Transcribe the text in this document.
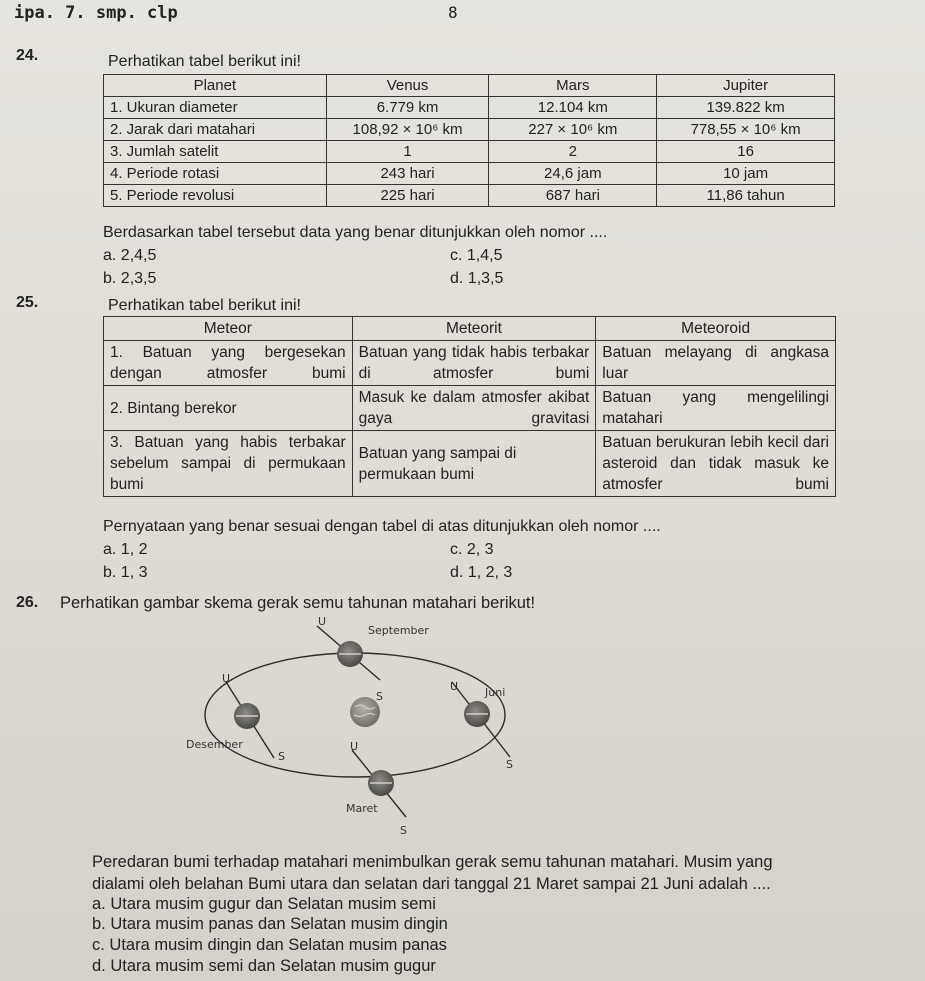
ipa. 7. smp. clp	8
24.	Perhatikan tabel berikut ini!
Planet	Venus	Mars	Jupiter
1. Ukuran diameter	6.779 km	12.104 km	139.822 km
2. Jarak dari matahari	108,92 × 10⁶ km	227 × 10⁶ km	778,55 × 10⁶ km
3. Jumlah satelit	1	2	16
4. Periode rotasi	243 hari	24,6 jam	10 jam
5. Periode revolusi	225 hari	687 hari	11,86 tahun
Berdasarkan tabel tersebut data yang benar ditunjukkan oleh nomor ....
a. 2,4,5
b. 2,3,5
c. 1,4,5
d. 1,3,5
25.	Perhatikan tabel berikut ini!
Meteor	Meteorit	Meteoroid
1. Batuan yang bergesekan dengan atmosfer bumi	Batuan yang tidak habis terbakar di atmosfer bumi	Batuan melayang di angkasa luar
2. Bintang berekor	Masuk ke dalam atmosfer akibat gaya gravitasi	Batuan yang mengelilingi matahari
3. Batuan yang habis terbakar sebelum sampai di permukaan bumi	Batuan yang sampai di permukaan bumi	Batuan berukuran lebih kecil dari asteroid dan tidak masuk ke atmosfer bumi
Pernyataan yang benar sesuai dengan tabel di atas ditunjukkan oleh nomor ....
a. 1, 2
b. 1, 3
c. 2, 3
d. 1, 2, 3
26. Perhatikan gambar skema gerak semu tahunan matahari berikut!
U
September
S
U Juni
S
U
Desember
S
U
Maret
S
Peredaran bumi terhadap matahari menimbulkan gerak semu tahunan matahari. Musim yang
dialami oleh belahan Bumi utara dan selatan dari tanggal 21 Maret sampai 21 Juni adalah ....
a. Utara musim gugur dan Selatan musim semi
b. Utara musim panas dan Selatan musim dingin
c. Utara musim dingin dan Selatan musim panas
d. Utara musim semi dan Selatan musim gugur
